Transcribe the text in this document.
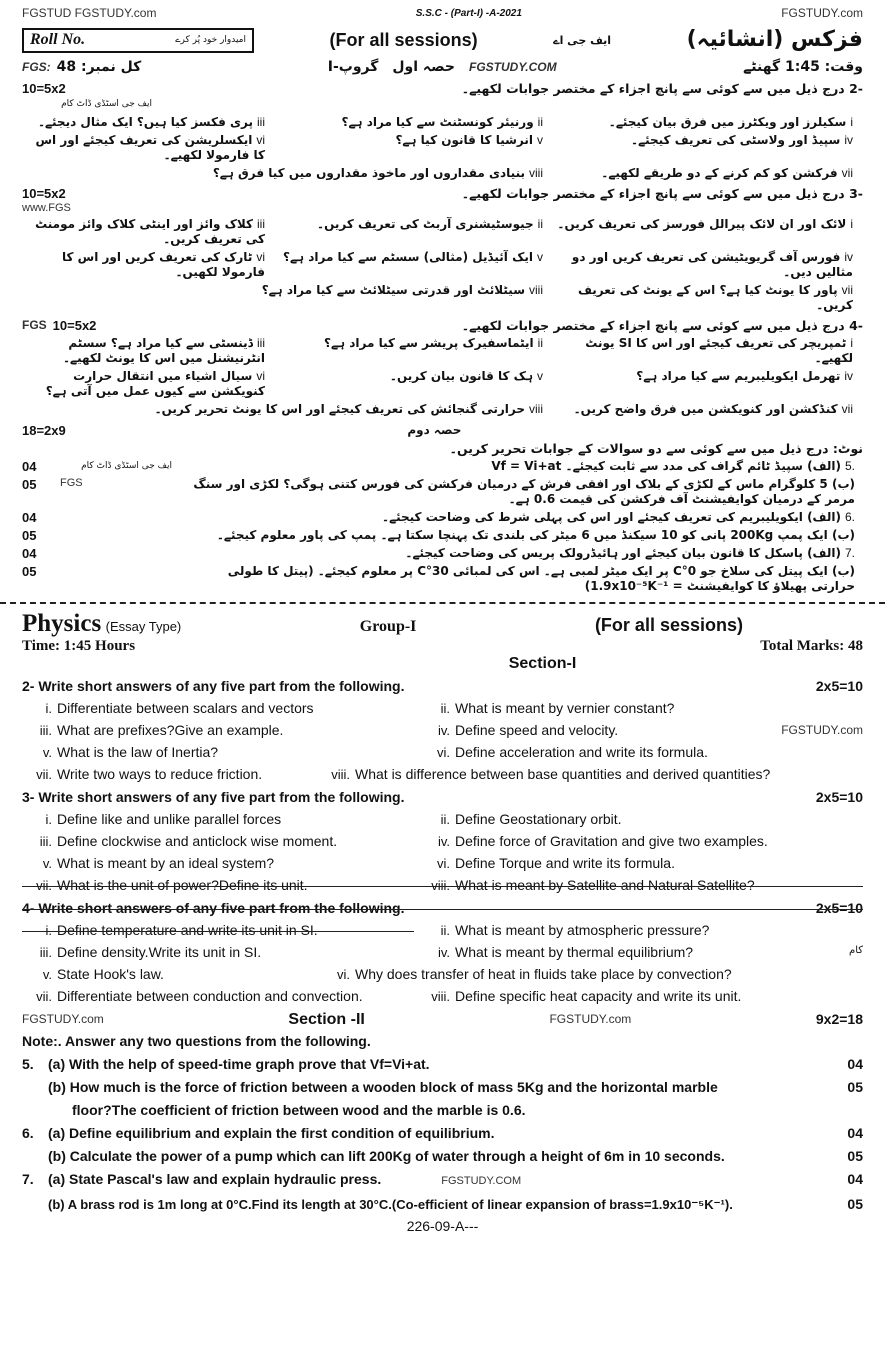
FGSTUD FGSTUDY.com	S.S.C - (Part-I) -A-2021	FGSTUDY.com
Roll No.	امیدوار خود پُر کرے	(For all sessions)	ایف جی اے	فزکس (انشائیہ)
FGS: کل نمبر: 48	گروپ-I حصہ اول FGSTUDY.COM	وقت: 1:45 گھنٹے
10=5x2
ایف جی اسٹڈی ڈاٹ کام
-2 درج ذیل میں سے کوئی سے پانچ اجزاء کے مختصر جوابات لکھیے۔
iسکیلرز اور ویکٹرز میں فرق بیان کیجئے۔
iiورنیئر کونسٹنٹ سے کیا مراد ہے؟
iiiپری فکسز کیا ہیں؟ ایک مثال دیجئے۔
ivسپیڈ اور ولاسٹی کی تعریف کیجئے۔
vانرشیا کا قانون کیا ہے؟
viایکسلریشن کی تعریف کیجئے اور اس کا فارمولا لکھیے۔
viiفرکشن کو کم کرنے کے دو طریقے لکھیے۔
viiiبنیادی مقداروں اور ماخوذ مقداروں میں کیا فرق ہے؟
10=5x2
www.FGS
-3 درج ذیل میں سے کوئی سے پانچ اجزاء کے مختصر جوابات لکھیے۔
iلائک اور ان لائک پیرالل فورسز کی تعریف کریں۔
iiجیوسٹیشنری آربٹ کی تعریف کریں۔
iiiکلاک وائز اور اینٹی کلاک وائز مومنٹ کی تعریف کریں۔
ivفورس آف گریویٹیشن کی تعریف کریں اور دو مثالیں دیں۔
vایک آئیڈیل (مثالی) سسٹم سے کیا مراد ہے؟
viٹارک کی تعریف کریں اور اس کا فارمولا لکھیں۔
viiپاور کا یونٹ کیا ہے؟ اس کے یونٹ کی تعریف کریں۔
viiiسیٹلائٹ اور قدرتی سیٹلائٹ سے کیا مراد ہے؟
FGS 10=5x2	-4 درج ذیل میں سے کوئی سے پانچ اجزاء کے مختصر جوابات لکھیے۔
iٹمپریچر کی تعریف کیجئے اور اس کا SI یونٹ لکھیے۔
iiایٹماسفیرک پریشر سے کیا مراد ہے؟
iiiڈینسٹی سے کیا مراد ہے؟ سسٹم انٹرنیشنل میں اس کا یونٹ لکھیے۔
ivتھرمل ایکویلیبریم سے کیا مراد ہے؟
vہک کا قانون بیان کریں۔
viسیال اشیاء میں انتقال حرارت کنویکشن سے کیوں عمل میں آتی ہے؟
viiکنڈکشن اور کنویکشن میں فرق واضح کریں۔
viiiحرارتی گنجائش کی تعریف کیجئے اور اس کا یونٹ تحریر کریں۔
18=2x9	حصہ دوم
نوٹ: درج ذیل میں سے کوئی سے دو سوالات کے جوابات تحریر کریں۔
04	ایف جی اسٹڈی ڈاٹ کام	.5(الف) سپیڈ ٹائم گراف کی مدد سے ثابت کیجئے۔ Vf = Vi+at
05	FGS	(ب) 5 کلوگرام ماس کے لکڑی کے بلاک اور افقی فرش کے درمیان فرکشن کی فورس کتنی ہوگی؟ لکڑی اور سنگ مرمر کے درمیان کوایفیشنٹ آف فرکشن کی قیمت 0.6 ہے۔
04	.6(الف) ایکویلیبریم کی تعریف کیجئے اور اس کی پہلی شرط کی وضاحت کیجئے۔
05	(ب) ایک پمپ 200Kg پانی کو 10 سیکنڈ میں 6 میٹر کی بلندی تک پہنچا سکتا ہے۔ پمپ کی پاور معلوم کیجئے۔
04	.7(الف) پاسکل کا قانون بیان کیجئے اور ہائیڈرولک پریس کی وضاحت کیجئے۔
05	(ب) ایک پیتل کی سلاخ جو 0°C پر ایک میٹر لمبی ہے۔ اس کی لمبائی 30°C پر معلوم کیجئے۔ (پیتل کا طولی حرارتی پھیلاؤ کا کوایفیشنٹ = 1.9x10⁻⁵K⁻¹)
Physics (Essay Type)	Group-I	(For all sessions)
Time: 1:45 Hours	Total Marks: 48
Section-I
2- Write short answers of any five part from the following.	2x5=10
i. Differentiate between scalars and vectors	ii. What is meant by vernier constant?
iii. What are prefixes?Give an example.	iv. Define speed and velocity.	FGSTUDY.com
v. What is the law of Inertia?	vi. Define acceleration and write its formula.
vii. Write two ways to reduce friction.	viii. What is difference between base quantities and derived quantities?
3- Write short answers of any five part from the following.	2x5=10
i. Define like and unlike parallel forces	ii. Define Geostationary orbit.
iii. Define clockwise and anticlock wise moment.	iv. Define force of Gravitation and give two examples.
v. What is meant by an ideal system?	vi. Define Torque and write its formula.
vii. What is the unit of power?Define its unit.	viii. What is meant by Satellite and Natural Satellite?
4- Write short answers of any five part from the following.	2x5=10
i. Define temperature and write its unit in SI.	ii. What is meant by atmospheric pressure?
iii. Define density.Write its unit in SI.	iv. What is meant by thermal equilibrium?	کام
v. State Hook's law.	vi. Why does transfer of heat in fluids take place by convection?
vii. Differentiate between conduction and convection.	viii. Define specific heat capacity and write its unit.
FGSTUDY.com	Section -II	FGSTUDY.com	9x2=18
Note:. Answer any two questions from the following.
5.	(a) With the help of speed-time graph prove that Vf=Vi+at.	04
(b) How much is the force of friction between a wooden block of mass 5Kg and the horizontal marble	05
floor?The coefficient of friction between wood and the marble is 0.6.
6.	(a) Define equilibrium and explain the first condition of equilibrium.	04
(b) Calculate the power of a pump which can lift 200Kg of water through a height of 6m in 10 seconds.	05
7.	(a) State Pascal's law and explain hydraulic press.	FGSTUDY.COM	04
(b) A brass rod is 1m long at 0°C.Find its length at 30°C.(Co-efficient of linear expansion of brass=1.9x10⁻⁵K⁻¹).	05
226-09-A---
